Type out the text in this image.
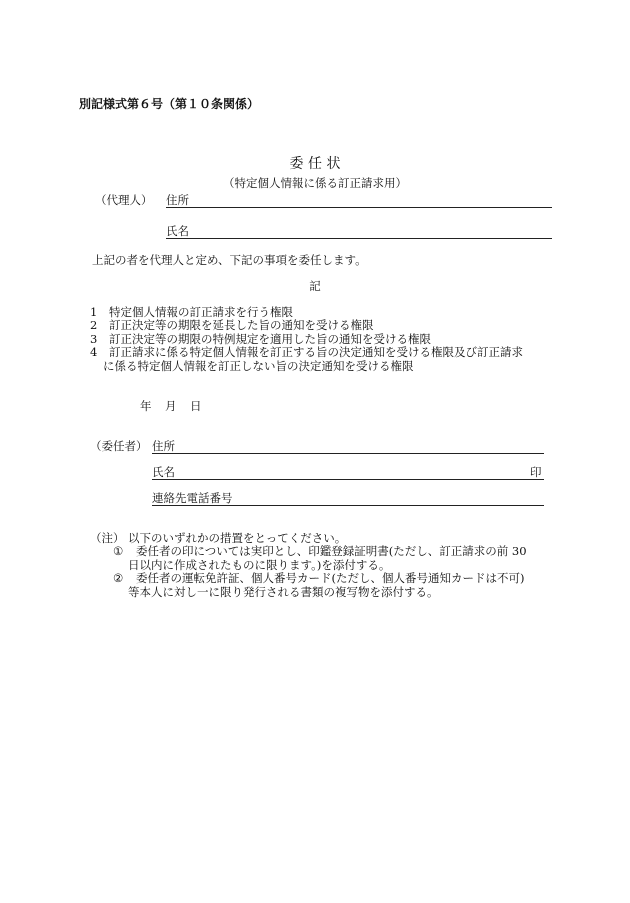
別記様式第６号（第１０条関係）
委 任 状
（特定個人情報に係る訂正請求用）
（代理人） 住所
氏名
上記の者を代理人と定め、下記の事項を委任します。
記
1 特定個人情報の訂正請求を行う権限
2 訂正決定等の期限を延長した旨の通知を受ける権限
3 訂正決定等の期限の特例規定を適用した旨の通知を受ける権限
4 訂正請求に係る特定個人情報を訂正する旨の決定通知を受ける権限及び訂正請求
に係る特定個人情報を訂正しない旨の決定通知を受ける権限
年 月 日
（委任者） 住所
氏名	印
連絡先電話番号
（注） 以下のいずれかの措置をとってください。
① 委任者の印については実印とし、印鑑登録証明書(ただし、訂正請求の前 30
日以内に作成されたものに限ります。)を添付する。
② 委任者の運転免許証、個人番号カード(ただし、個人番号通知カードは不可)
等本人に対し一に限り発行される書類の複写物を添付する。
